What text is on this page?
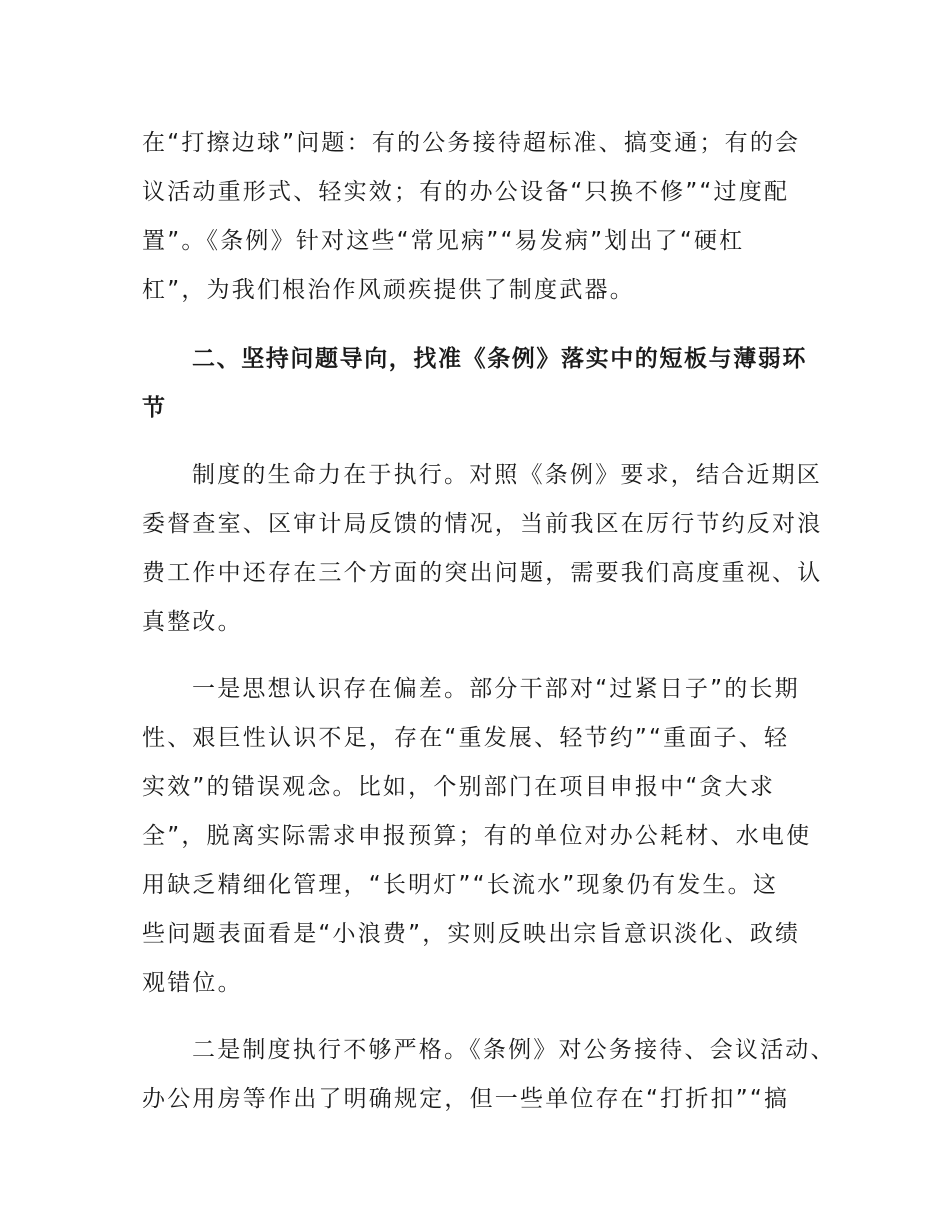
在“打擦边球”问题：有的公务接待超标准、搞变通；有的会
议活动重形式、轻实效；有的办公设备“只换不修”“过度配
置”。《条例》针对这些“常见病”“易发病”划出了“硬杠
杠”，为我们根治作风顽疾提供了制度武器。
二、坚持问题导向，找准《条例》落实中的短板与薄弱环
节
制度的生命力在于执行。对照《条例》要求，结合近期区
委督查室、区审计局反馈的情况，当前我区在厉行节约反对浪
费工作中还存在三个方面的突出问题，需要我们高度重视、认
真整改。
一是思想认识存在偏差。部分干部对“过紧日子”的长期
性、艰巨性认识不足，存在“重发展、轻节约”“重面子、轻
实效”的错误观念。比如，个别部门在项目申报中“贪大求
全”，脱离实际需求申报预算；有的单位对办公耗材、水电使
用缺乏精细化管理，“长明灯”“长流水”现象仍有发生。这
些问题表面看是“小浪费”，实则反映出宗旨意识淡化、政绩
观错位。
二是制度执行不够严格。《条例》对公务接待、会议活动、
办公用房等作出了明确规定，但一些单位存在“打折扣”“搞
